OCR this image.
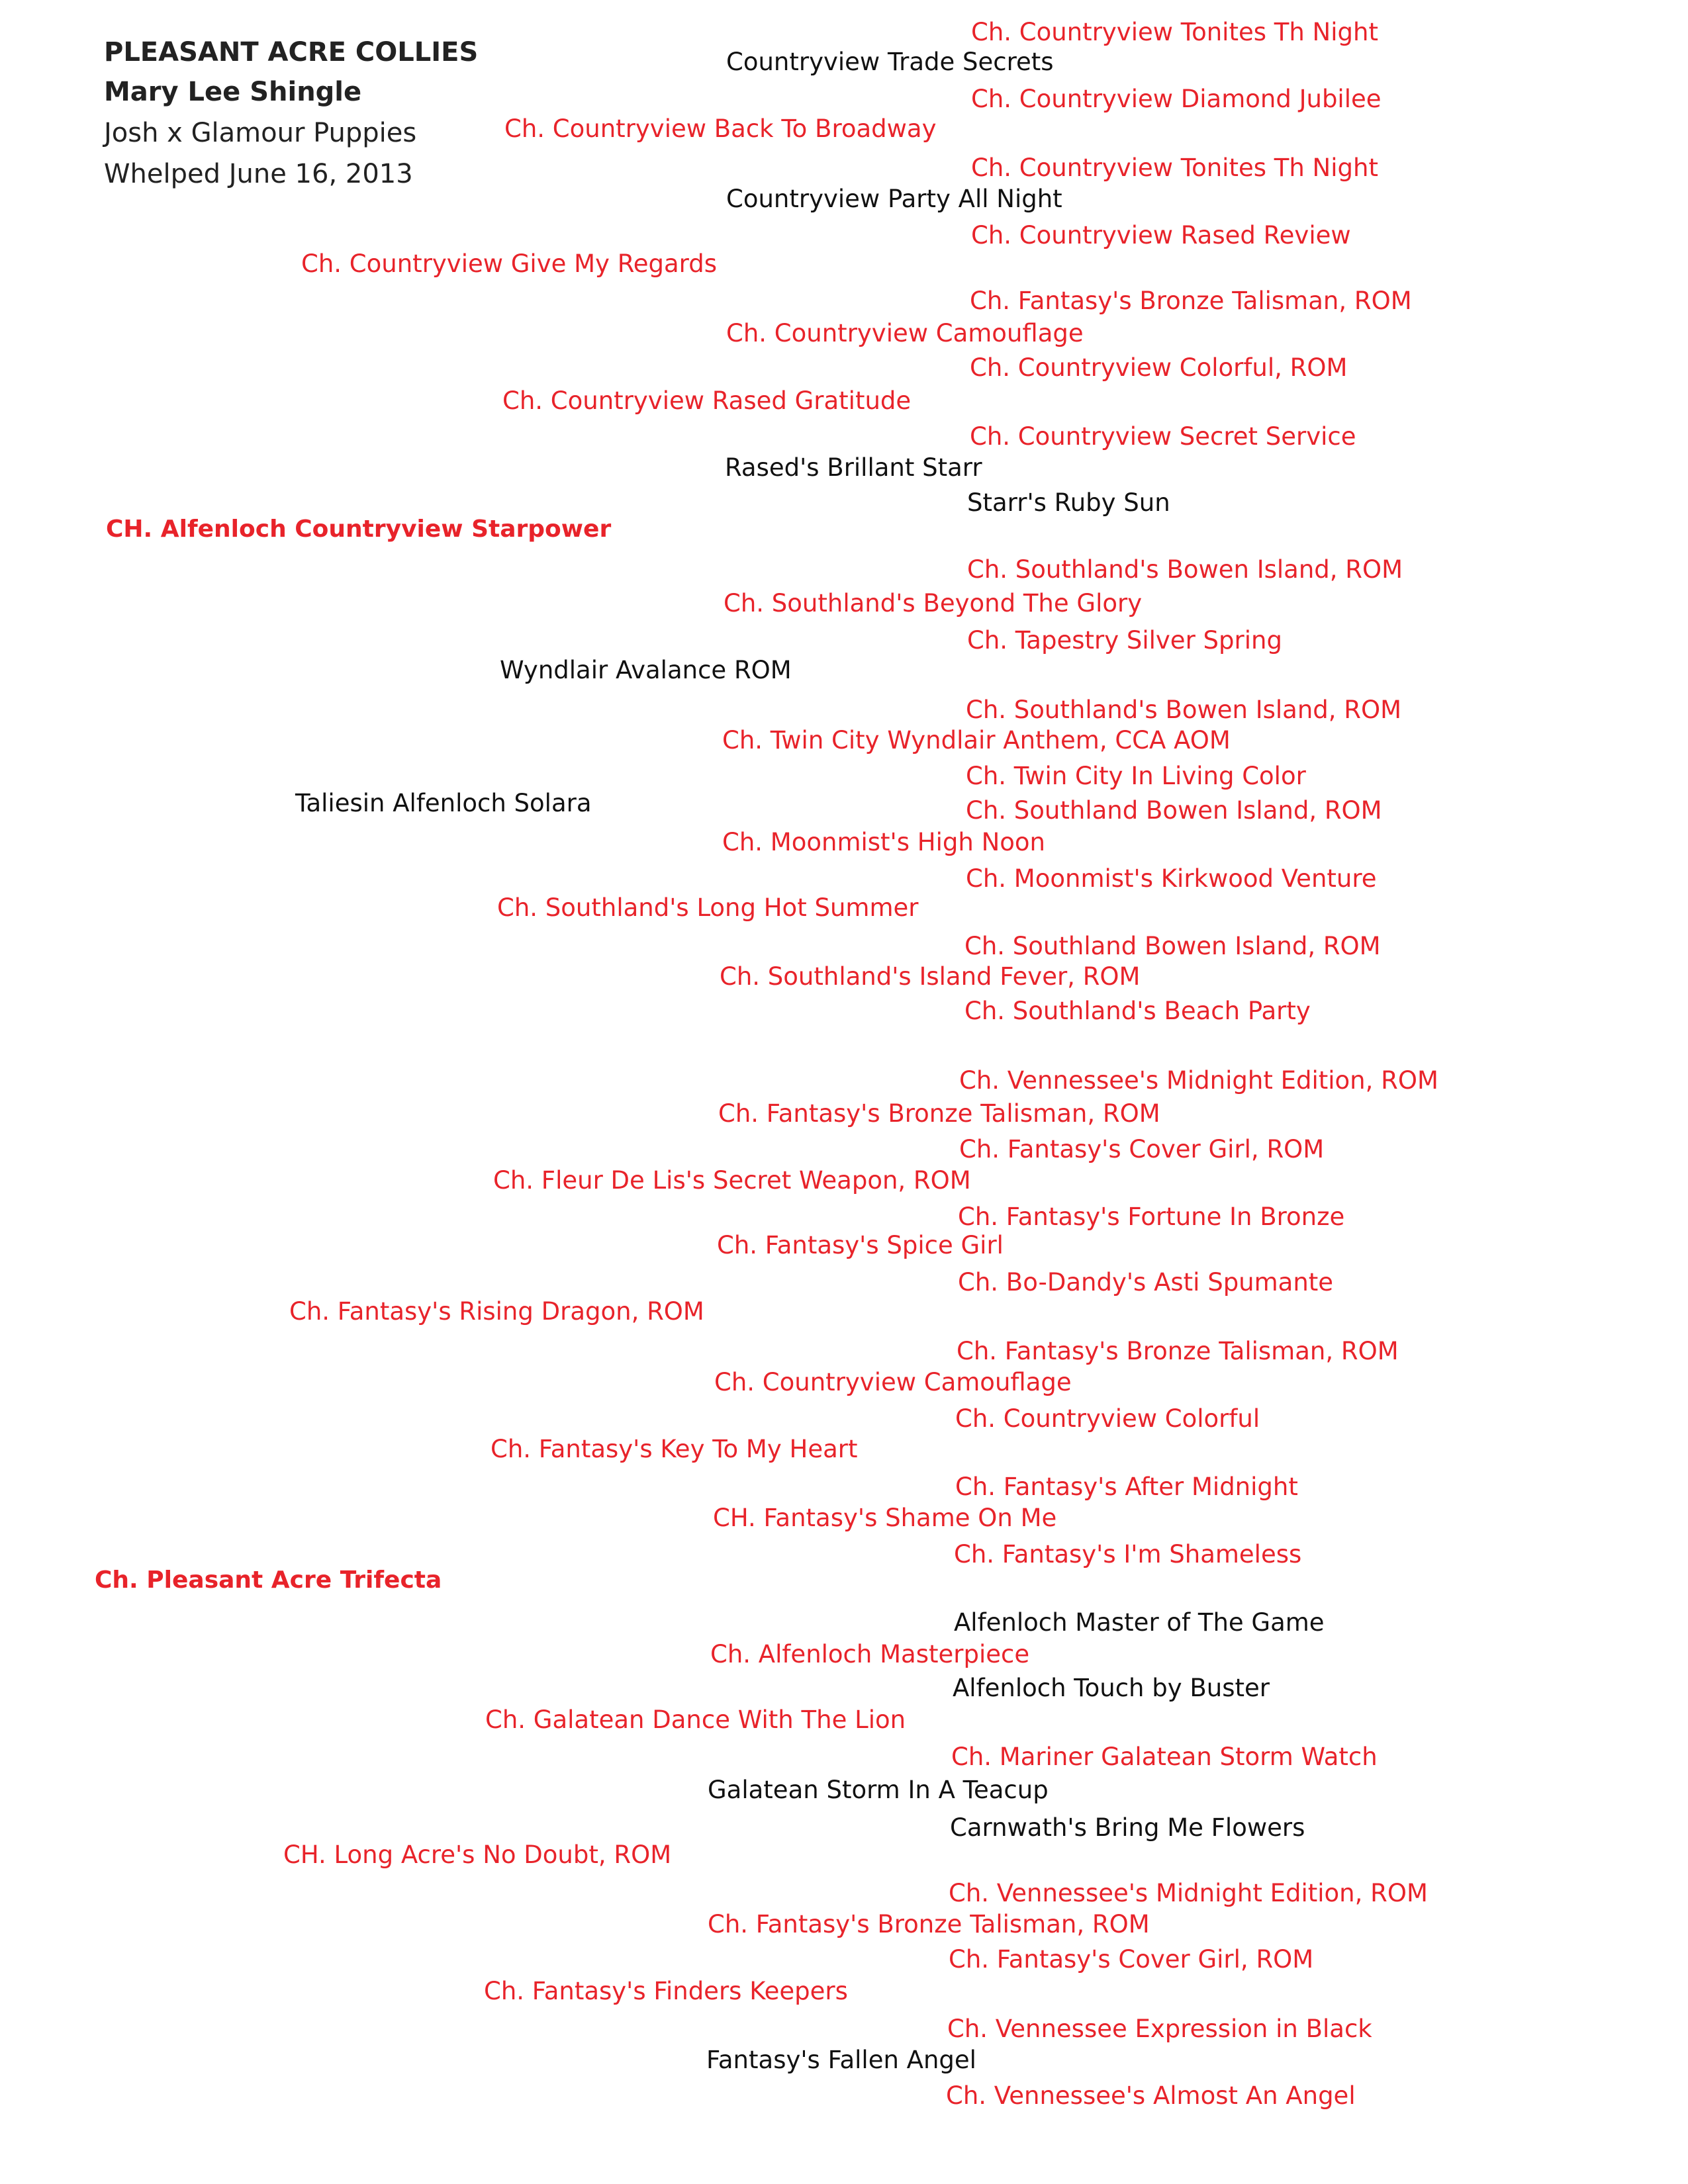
PLEASANT ACRE COLLIES
Mary Lee Shingle
Josh x Glamour Puppies
Whelped June 16, 2013
Ch. Countryview Tonites Th Night
Countryview Trade Secrets
Ch. Countryview Diamond Jubilee
Ch. Countryview Back To Broadway
Ch. Countryview Tonites Th Night
Countryview Party All Night
Ch. Countryview Rased Review
Ch. Countryview Give My Regards
Ch. Fantasy's Bronze Talisman, ROM
Ch. Countryview Camouflage
Ch. Countryview Colorful, ROM
Ch. Countryview Rased Gratitude
Ch. Countryview Secret Service
Rased's Brillant Starr
Starr's Ruby Sun
CH. Alfenloch Countryview Starpower
Ch. Southland's Bowen Island, ROM
Ch. Southland's Beyond The Glory
Ch. Tapestry Silver Spring
Wyndlair Avalance ROM
Ch. Southland's Bowen Island, ROM
Ch. Twin City Wyndlair Anthem, CCA AOM
Ch. Twin City In Living Color
Taliesin Alfenloch Solara	Ch. Southland Bowen Island, ROM
Ch. Moonmist's High Noon
Ch. Moonmist's Kirkwood Venture
Ch. Southland's Long Hot Summer
Ch. Southland Bowen Island, ROM
Ch. Southland's Island Fever, ROM
Ch. Southland's Beach Party
Ch. Vennessee's Midnight Edition, ROM
Ch. Fantasy's Bronze Talisman, ROM
Ch. Fantasy's Cover Girl, ROM
Ch. Fleur De Lis's Secret Weapon, ROM
Ch. Fantasy's Fortune In Bronze
Ch. Fantasy's Spice Girl
Ch. Bo-Dandy's Asti Spumante
Ch. Fantasy's Rising Dragon, ROM
Ch. Fantasy's Bronze Talisman, ROM
Ch. Countryview Camouflage
Ch. Countryview Colorful
Ch. Fantasy's Key To My Heart
Ch. Fantasy's After Midnight
CH. Fantasy's Shame On Me
Ch. Fantasy's I'm Shameless
Ch. Pleasant Acre Trifecta
Alfenloch Master of The Game
Ch. Alfenloch Masterpiece
Alfenloch Touch by Buster
Ch. Galatean Dance With The Lion
Ch. Mariner Galatean Storm Watch
Galatean Storm In A Teacup
Carnwath's Bring Me Flowers
CH. Long Acre's No Doubt, ROM
Ch. Vennessee's Midnight Edition, ROM
Ch. Fantasy's Bronze Talisman, ROM
Ch. Fantasy's Cover Girl, ROM
Ch. Fantasy's Finders Keepers
Ch. Vennessee Expression in Black
Fantasy's Fallen Angel
Ch. Vennessee's Almost An Angel
